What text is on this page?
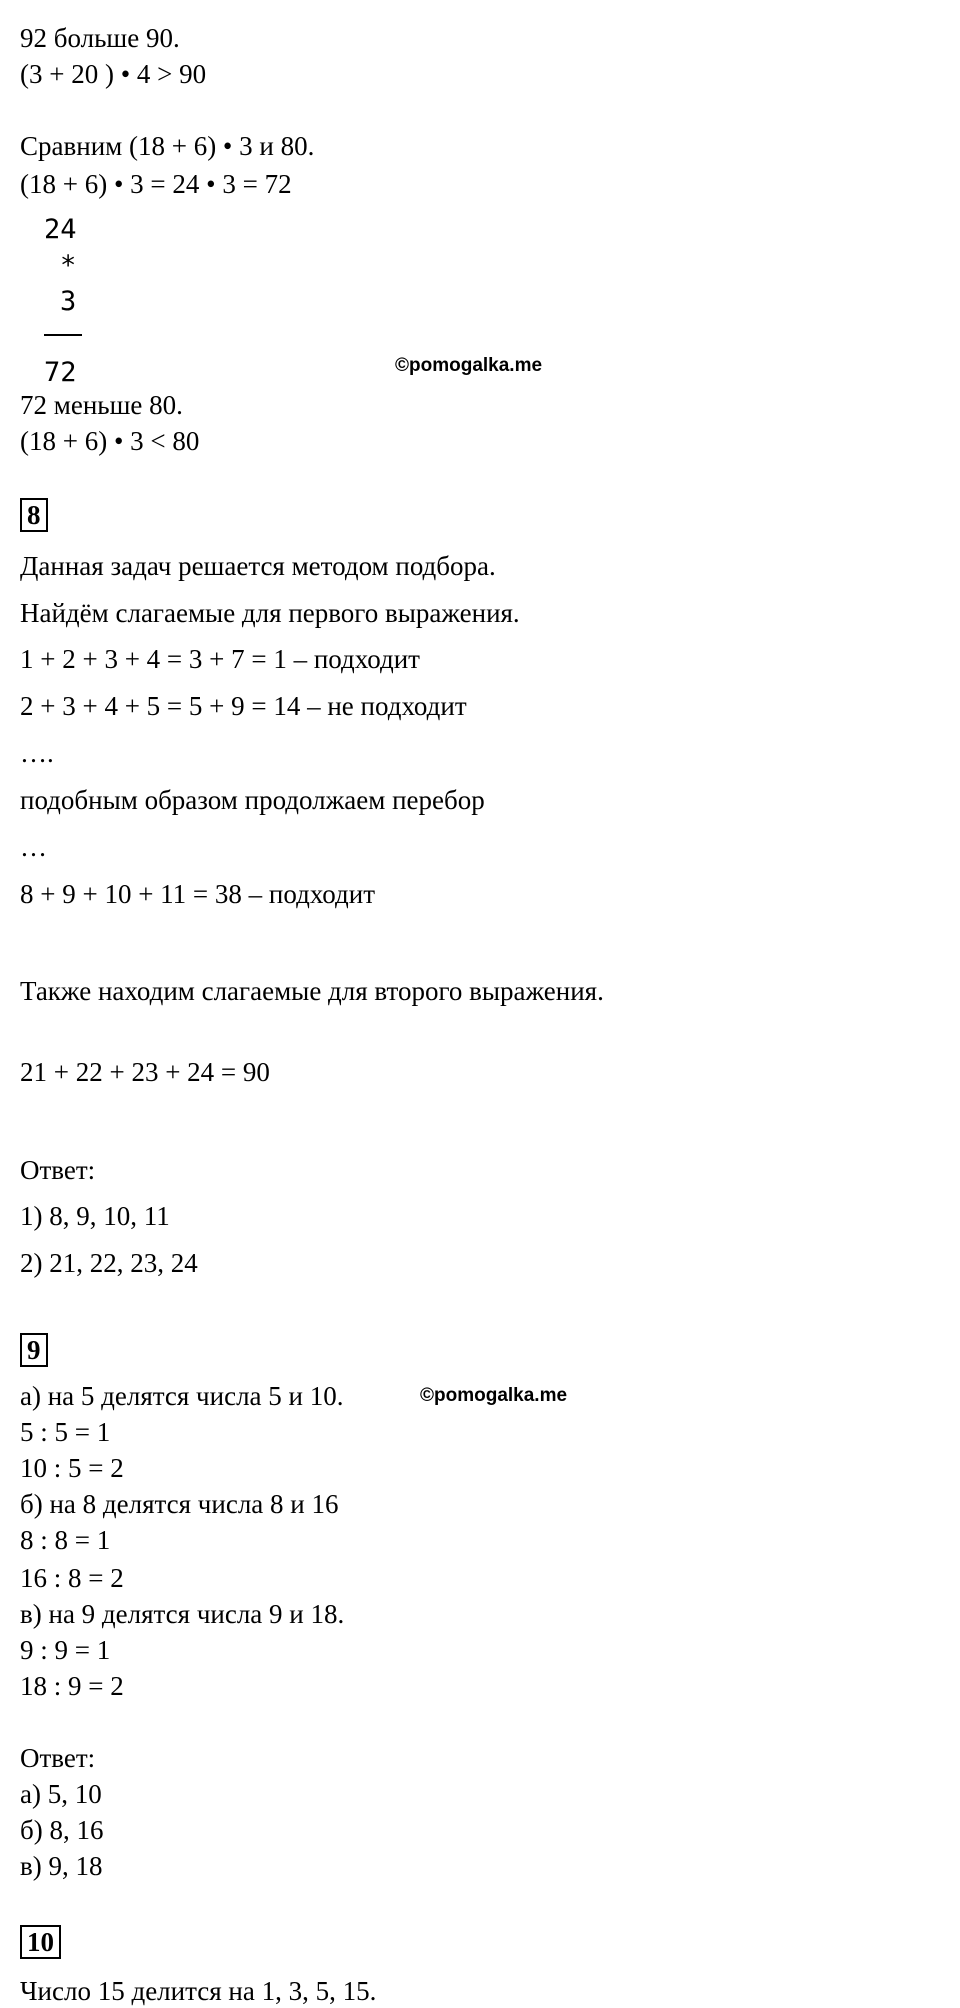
92 больше 90.
(3 + 20 ) • 4 > 90
Сравним (18 + 6) • 3 и 80.
(18 + 6) • 3 = 24 • 3 = 72
24
*
3
72	©pomogalka.me
72 меньше 80.
(18 + 6) • 3 < 80
8
Данная задач решается методом подбора.
Найдём слагаемые для первого выражения.
1 + 2 + 3 + 4 = 3 + 7 = 1 – подходит
2 + 3 + 4 + 5 = 5 + 9 = 14 – не подходит
….
подобным образом продолжаем перебор
…
8 + 9 + 10 + 11 = 38 – подходит
Также находим слагаемые для второго выражения.
21 + 22 + 23 + 24 = 90
Ответ:
1) 8, 9, 10, 11
2) 21, 22, 23, 24
9
а) на 5 делятся числа 5 и 10.	©pomogalka.me
5 : 5 = 1
10 : 5 = 2
б) на 8 делятся числа 8 и 16
8 : 8 = 1
16 : 8 = 2
в) на 9 делятся числа 9 и 18.
9 : 9 = 1
18 : 9 = 2
Ответ:
а) 5, 10
б) 8, 16
в) 9, 18
10
Число 15 делится на 1, 3, 5, 15.
